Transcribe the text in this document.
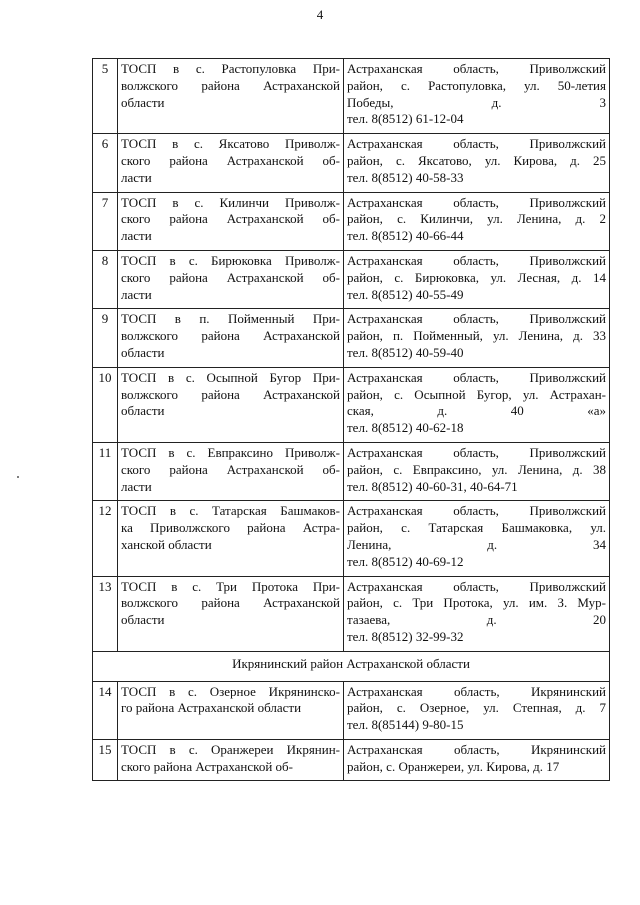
4
5	ТОСП в с. Растопуловка При-
волжского района Астраханской
области	Астраханская область, Приволжский
район, с. Растопуловка, ул. 50-летия
Победы, д. 3
тел. 8(8512) 61-12-04

6	ТОСП в с. Яксатово Приволж-
ского района Астраханской об-
ласти	Астраханская область, Приволжский
район, с. Яксатово, ул. Кирова, д. 25
тел. 8(8512) 40-58-33

7	ТОСП в с. Килинчи Приволж-
ского района Астраханской об-
ласти	Астраханская область, Приволжский
район, с. Килинчи, ул. Ленина, д. 2
тел. 8(8512) 40-66-44

8	ТОСП в с. Бирюковка Приволж-
ского района Астраханской об-
ласти	Астраханская область, Приволжский
район, с. Бирюковка, ул. Лесная, д. 14
тел. 8(8512) 40-55-49

9	ТОСП в п. Пойменный При-
волжского района Астраханской
области	Астраханская область, Приволжский
район, п. Пойменный, ул. Ленина, д. 33
тел. 8(8512) 40-59-40

10	ТОСП в с. Осыпной Бугор При-
волжского района Астраханской
области	Астраханская область, Приволжский
район, с. Осыпной Бугор, ул. Астрахан-
ская, д. 40 «а»
тел. 8(8512) 40-62-18

11	ТОСП в с. Евпраксино Приволж-
ского района Астраханской об-
ласти	Астраханская область, Приволжский
район, с. Евпраксино, ул. Ленина, д. 38
тел. 8(8512) 40-60-31, 40-64-71

12	ТОСП в с. Татарская Башмаков-
ка Приволжского района Астра-
ханской области	Астраханская область, Приволжский
район, с. Татарская Башмаковка, ул.
Ленина, д. 34
тел. 8(8512) 40-69-12

13	ТОСП в с. Три Протока При-
волжского района Астраханской
области	Астраханская область, Приволжский
район, с. Три Протока, ул. им. З. Мур-
тазаева, д. 20
тел. 8(8512) 32-99-32

Икрянинский район Астраханской области		
14	ТОСП в с. Озерное Икрянинско-
го района Астраханской области	Астраханская область, Икрянинский
район, с. Озерное, ул. Степная, д. 7
тел. 8(85144) 9-80-15

15	ТОСП в с. Оранжереи Икрянин-
ского района Астраханской об-	Астраханская область, Икрянинский
район, с. Оранжереи, ул. Кирова, д. 17
